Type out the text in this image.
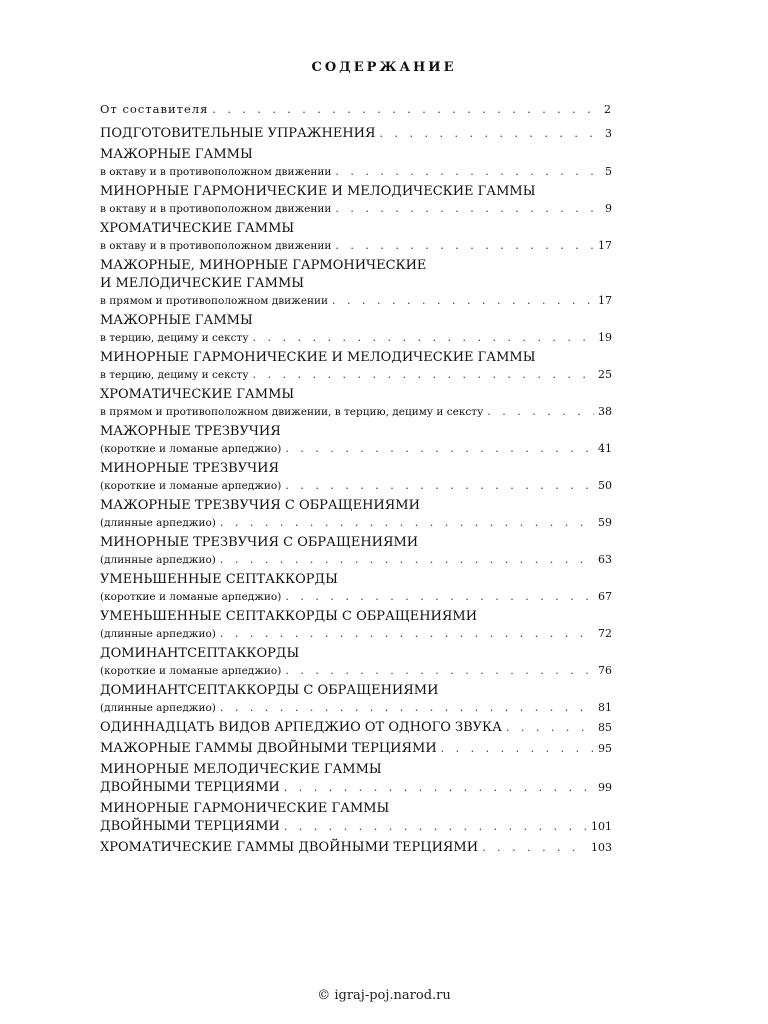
СОДЕРЖАНИЕ
От составителя . . .	2
ПОДГОТОВИТЕЛЬНЫЕ УПРАЖНЕНИЯ . . .	3
МАЖОРНЫЕ ГАММЫ
в октаву и в противоположном движении . . .	5
МИНОРНЫЕ ГАРМОНИЧЕСКИЕ И МЕЛОДИЧЕСКИЕ ГАММЫ
в октаву и в противоположном движении . . .	9
ХРОМАТИЧЕСКИЕ ГАММЫ
в октаву и в противоположном движении . . .	17
МАЖОРНЫЕ, МИНОРНЫЕ ГАРМОНИЧЕСКИЕ
И МЕЛОДИЧЕСКИЕ ГАММЫ
в прямом и противоположном движении . . .	17
МАЖОРНЫЕ ГАММЫ
в терцию, дециму и сексту . . .	19
МИНОРНЫЕ ГАРМОНИЧЕСКИЕ И МЕЛОДИЧЕСКИЕ ГАММЫ
в терцию, дециму и сексту . . .	25
ХРОМАТИЧЕСКИЕ ГАММЫ
в прямом и противоположном движении, в терцию, дециму и сексту . . .	38
МАЖОРНЫЕ ТРЕЗВУЧИЯ
(короткие и ломаные арпеджио) . . .	41
МИНОРНЫЕ ТРЕЗВУЧИЯ
(короткие и ломаные арпеджио) . . .	50
МАЖОРНЫЕ ТРЕЗВУЧИЯ С ОБРАЩЕНИЯМИ
(длинные арпеджио) . . .	59
МИНОРНЫЕ ТРЕЗВУЧИЯ С ОБРАЩЕНИЯМИ
(длинные арпеджио) . . .	63
УМЕНЬШЕННЫЕ СЕПТАККОРДЫ
(короткие и ломаные арпеджио) . . .	67
УМЕНЬШЕННЫЕ СЕПТАККОРДЫ С ОБРАЩЕНИЯМИ
(длинные арпеджио) . . .	72
ДОМИНАНТСЕПТАККОРДЫ
(короткие и ломаные арпеджио) . . .	76
ДОМИНАНТСЕПТАККОРДЫ С ОБРАЩЕНИЯМИ
(длинные арпеджио) . . .	81
ОДИННАДЦАТЬ ВИДОВ АРПЕДЖИО ОТ ОДНОГО ЗВУКА . . .	85
МАЖОРНЫЕ ГАММЫ ДВОЙНЫМИ ТЕРЦИЯМИ . . .	95
МИНОРНЫЕ МЕЛОДИЧЕСКИЕ ГАММЫ
ДВОЙНЫМИ ТЕРЦИЯМИ . . .	99
МИНОРНЫЕ ГАРМОНИЧЕСКИЕ ГАММЫ
ДВОЙНЫМИ ТЕРЦИЯМИ . . .	101
ХРОМАТИЧЕСКИЕ ГАММЫ ДВОЙНЫМИ ТЕРЦИЯМИ . . .	103
© igraj-poj.narod.ru
